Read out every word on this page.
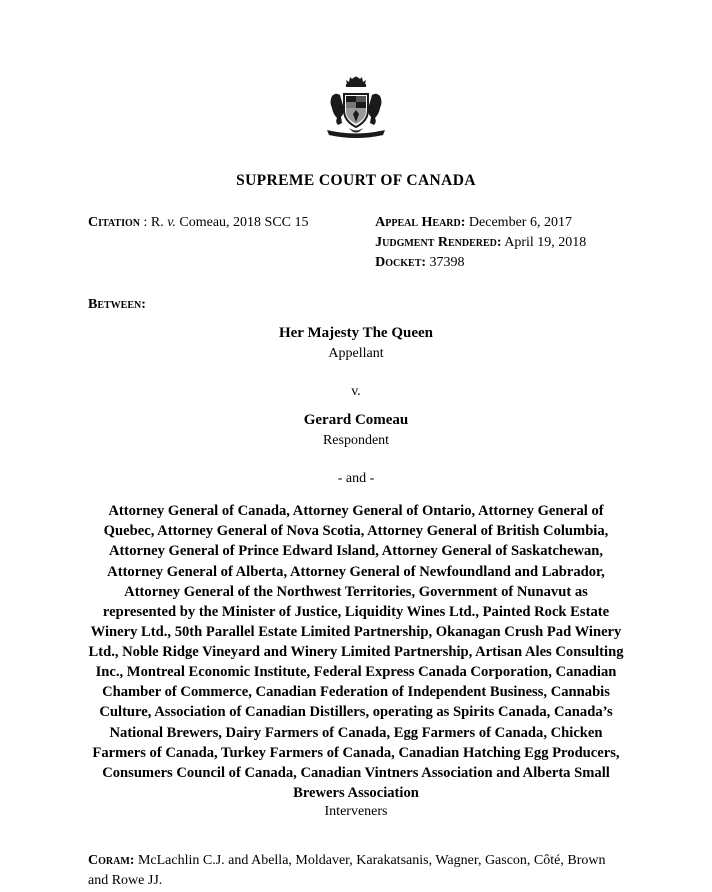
SUPREME COURT OF CANADA
Citation : R. v. Comeau, 2018 SCC 15	Appeal Heard: December 6, 2017
Judgment Rendered: April 19, 2018
Docket: 37398
Between:
Her Majesty The Queen
Appellant
v.
Gerard Comeau
Respondent
- and -
Attorney General of Canada, Attorney General of Ontario, Attorney General of Quebec, Attorney General of Nova Scotia, Attorney General of British Columbia, Attorney General of Prince Edward Island, Attorney General of Saskatchewan, Attorney General of Alberta, Attorney General of Newfoundland and Labrador, Attorney General of the Northwest Territories, Government of Nunavut as represented by the Minister of Justice, Liquidity Wines Ltd., Painted Rock Estate Winery Ltd., 50th Parallel Estate Limited Partnership, Okanagan Crush Pad Winery Ltd., Noble Ridge Vineyard and Winery Limited Partnership, Artisan Ales Consulting Inc., Montreal Economic Institute, Federal Express Canada Corporation, Canadian Chamber of Commerce, Canadian Federation of Independent Business, Cannabis Culture, Association of Canadian Distillers, operating as Spirits Canada, Canada’s National Brewers, Dairy Farmers of Canada, Egg Farmers of Canada, Chicken Farmers of Canada, Turkey Farmers of Canada, Canadian Hatching Egg Producers, Consumers Council of Canada, Canadian Vintners Association and Alberta Small Brewers Association
Interveners
Coram: McLachlin C.J. and Abella, Moldaver, Karakatsanis, Wagner, Gascon, Côté, Brown and Rowe JJ.
